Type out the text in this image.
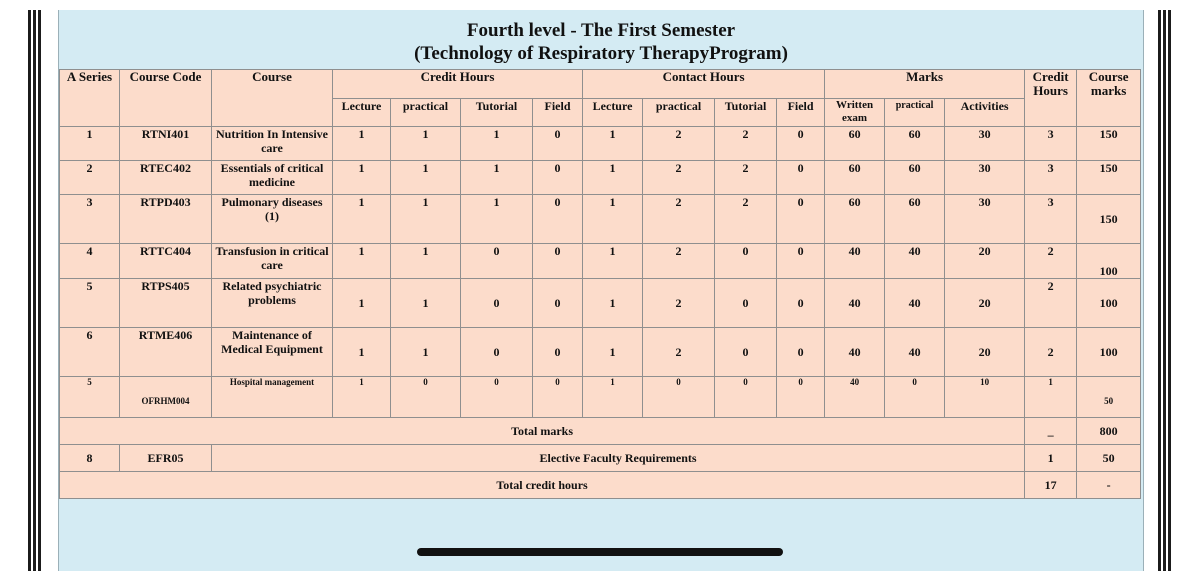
Fourth level - The First Semester
(Technology of Respiratory TherapyProgram)
A Series	Course Code	Course	Credit Hours				Contact Hours				Marks			Credit Hours	Course marks
			Lecture	practical	Tutorial	Field	Lecture	practical	Tutorial	Field	Written exam	practical	Activities		
1	RTNI401	Nutrition In Intensive care	1	1	1	0	1	2	2	0	60	60	30	3	150
2	RTEC402	Essentials of critical medicine	1	1	1	0	1	2	2	0	60	60	30	3	150
3	RTPD403	Pulmonary diseases (1)	1	1	1	0	1	2	2	0	60	60	30	3	150
4	RTTC404	Transfusion in critical care	1	1	0	0	1	2	0	0	40	40	20	2	100
5	RTPS405	Related psychiatric problems	1	1	0	0	1	2	0	0	40	40	20	2	100
6	RTME406	Maintenance of Medical Equipment	1	1	0	0	1	2	0	0	40	40	20	2	100
5	OFRHM004	Hospital management	1	0	0	0	1	0	0	0	40	0	10	1	50
Total marks														_	800
8	EFR05	Elective Faculty Requirements												1	50
Total credit hours														17	-
